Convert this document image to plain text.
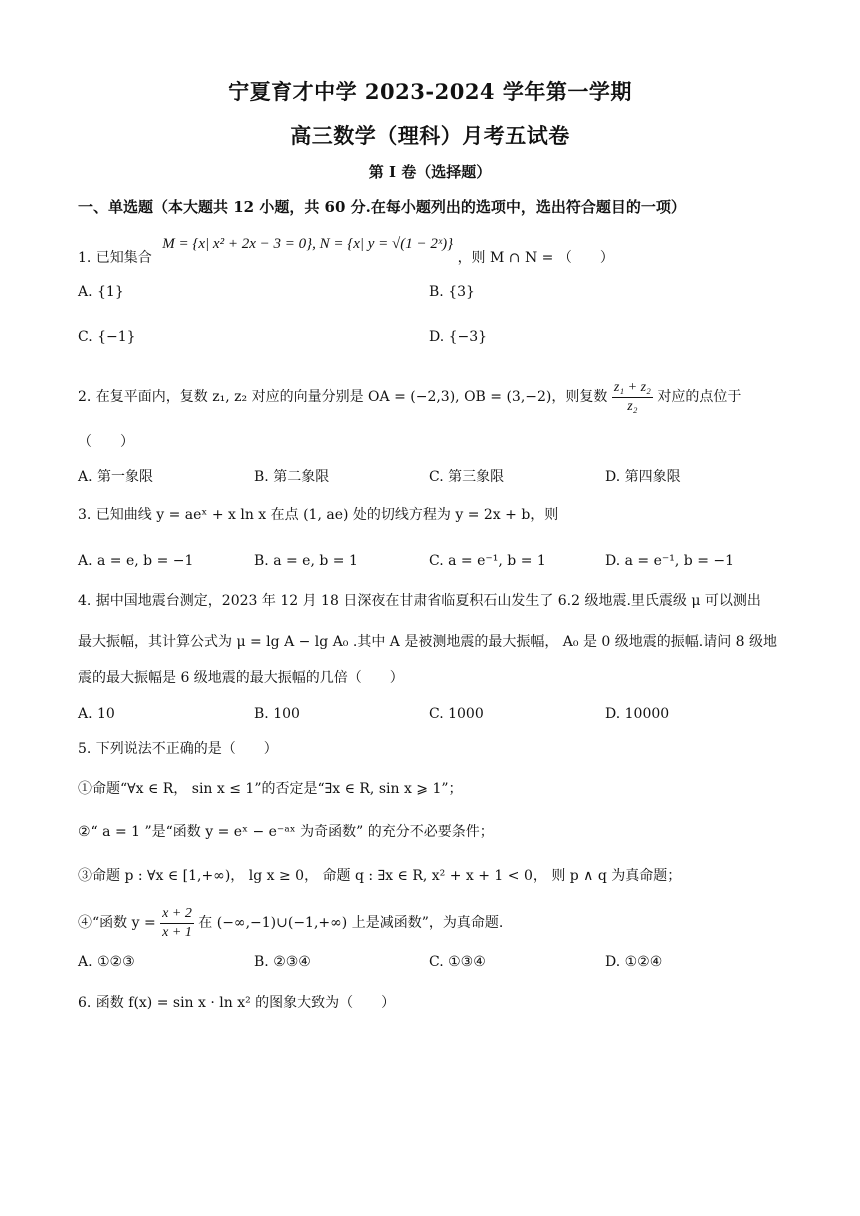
宁夏育才中学 2023-2024 学年第一学期
高三数学（理科）月考五试卷
第 I 卷（选择题）
一、单选题（本大题共 12 小题，共 60 分.在每小题列出的选项中，选出符合题目的一项）
1. 已知集合 M = {x| x² + 2x − 3 = 0}, N = {x| y = √(1 − 2ˣ)} ，则 M ∩ N = （　　）
A. {1}	B. {3}
C. {−1}	D. {−3}
2. 在复平面内，复数 z₁, z₂ 对应的向量分别是 OA = (−2,3), OB = (3,−2)，则复数 $\frac{\text{z₁ + z₂}}{\text{z₂}}$ 对应的点位于
（　　）
A. 第一象限	B. 第二象限	C. 第三象限	D. 第四象限
3. 已知曲线 y = aeˣ + x ln x 在点 (1, ae) 处的切线方程为 y = 2x + b，则
A. a = e, b = −1	B. a = e, b = 1	C. a = e⁻¹, b = 1	D. a = e⁻¹, b = −1
4. 据中国地震台测定，2023 年 12 月 18 日深夜在甘肃省临夏积石山发生了 6.2 级地震.里氏震级 μ 可以测出
最大振幅，其计算公式为 μ = lg A − lg A₀ .其中 A 是被测地震的最大振幅， A₀ 是 0 级地震的振幅.请问 8 级地
震的最大振幅是 6 级地震的最大振幅的几倍（　　）
A. 10	B. 100	C. 1000	D. 10000
5. 下列说法不正确的是（　　）
①命题“∀x ∈ R， sin x ≤ 1”的否定是“∃x ∈ R, sin x ⩾ 1”；
②“ a = 1 ”是“函数 y = eˣ − e⁻ᵃˣ 为奇函数” 的充分不必要条件；
③命题 p : ∀x ∈ [1,+∞)， lg x ≥ 0， 命题 q : ∃x ∈ R, x² + x + 1 < 0， 则 p ∧ q 为真命题；
④“函数 $y = \frac{x + 2}{x + 1}$ 在 (−∞,−1)∪(−1,+∞) 上是减函数”，为真命题.
A. ①②③	B. ②③④	C. ①③④	D. ①②④
6. 函数 f(x) = sin x · ln x² 的图象大致为（　　）
